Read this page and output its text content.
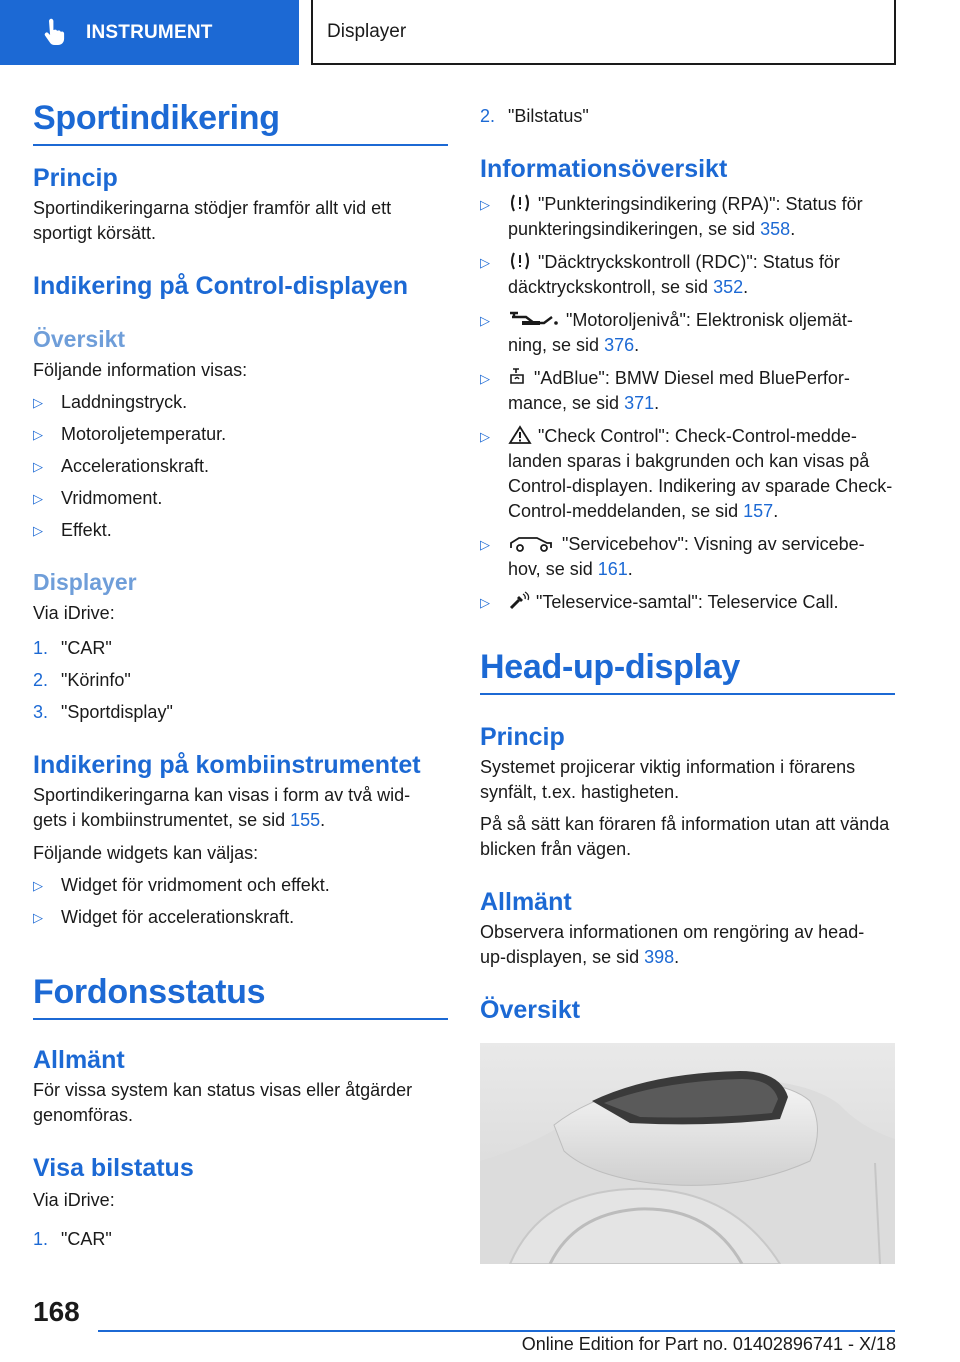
INSTRUMENT	Displayer
Sportindikering
Princip
Sportindikeringarna stödjer framför allt vid ett sportigt körsätt.
Indikering på Control-displayen
Översikt
Följande information visas:
▷	Laddningstryck.
▷	Motoroljetemperatur.
▷	Accelerationskraft.
▷	Vridmoment.
▷	Effekt.
Displayer
Via iDrive:
1. "CAR"
2. "Körinfo"
3. "Sportdisplay"
Indikering på kombiinstrumentet
Sportindikeringarna kan visas i form av två wid‐ gets i kombiinstrumentet, se sid 155.
Följande widgets kan väljas:
▷	Widget för vridmoment och effekt.
▷	Widget för accelerationskraft.
Fordonsstatus
Allmänt
För vissa system kan status visas eller åtgärder genomföras.
Visa bilstatus
Via iDrive:
1. "CAR"
2. "Bilstatus"
Informationsöversikt
▷	"Punkteringsindikering (RPA)": Status för punkteringsindikeringen, se sid 358.
▷	"Däcktryckskontroll (RDC)": Status för däcktryckskontroll, se sid 352.
▷	"Motoroljenivå": Elektronisk oljemät‐ ning, se sid 376.
▷	"AdBlue": BMW Diesel med BluePerfor‐ mance, se sid 371.
▷	"Check Control": Check-Control-medde‐ landen sparas i bakgrunden och kan visas på Control-displayen. Indikering av sparade Check-Control-meddelanden, se sid 157.
▷	"Servicebehov": Visning av servicebe‐ hov, se sid 161.
▷	"Teleservice-samtal": Teleservice Call.
Head-up-display
Princip
Systemet projicerar viktig information i förarens synfält, t.ex. hastigheten.
På så sätt kan föraren få information utan att vända blicken från vägen.
Allmänt
Observera informationen om rengöring av head- up-displayen, se sid 398.
Översikt
168
Online Edition for Part no. 01402896741 - X/18
